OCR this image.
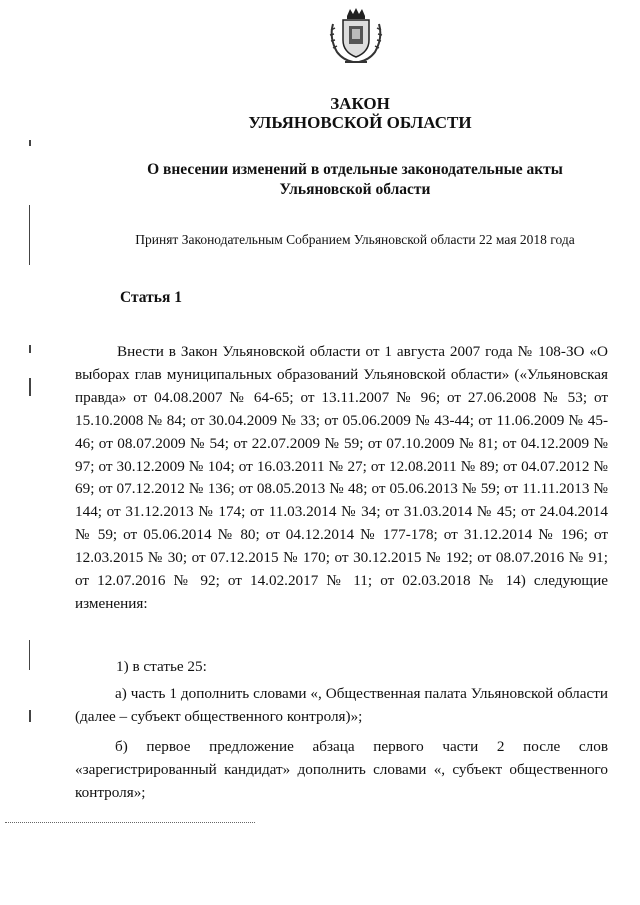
ЗАКОН
УЛЬЯНОВСКОЙ ОБЛАСТИ
О внесении изменений в отдельные законодательные акты
Ульяновской области
Принят Законодательным Собранием Ульяновской области 22 мая 2018 года
Статья 1

Внести в Закон Ульяновской области от 1 августа 2007 года № 108-ЗО «О выборах глав муниципальных образований Ульяновской области» («Ульяновская правда» от 04.08.2007 № 64-65; от 13.11.2007 № 96; от 27.06.2008 № 53; от 15.10.2008 № 84; от 30.04.2009 № 33; от 05.06.2009 № 43-44; от 11.06.2009 № 45-46; от 08.07.2009 № 54; от 22.07.2009 № 59; от 07.10.2009 № 81; от 04.12.2009 № 97; от 30.12.2009 № 104; от 16.03.2011 № 27; от 12.08.2011 № 89; от 04.07.2012 № 69; от 07.12.2012 № 136; от 08.05.2013 № 48; от 05.06.2013 № 59; от 11.11.2013 № 144; от 31.12.2013 № 174; от 11.03.2014 № 34; от 31.03.2014 № 45; от 24.04.2014 № 59; от 05.06.2014 № 80; от 04.12.2014 № 177-178; от 31.12.2014 № 196; от 12.03.2015 № 30; от 07.12.2015 № 170; от 30.12.2015 № 192; от 08.07.2016 № 91; от 12.07.2016 № 92; от 14.02.2017 № 11; от 02.03.2018 № 14) следующие изменения:

1) в статье 25:

а) часть 1 дополнить словами «, Общественная палата Ульяновской области (далее – субъект общественного контроля)»;

б) первое предложение абзаца первого части 2 после слов «зарегистрированный кандидат» дополнить словами «, субъект общественного контроля»;
